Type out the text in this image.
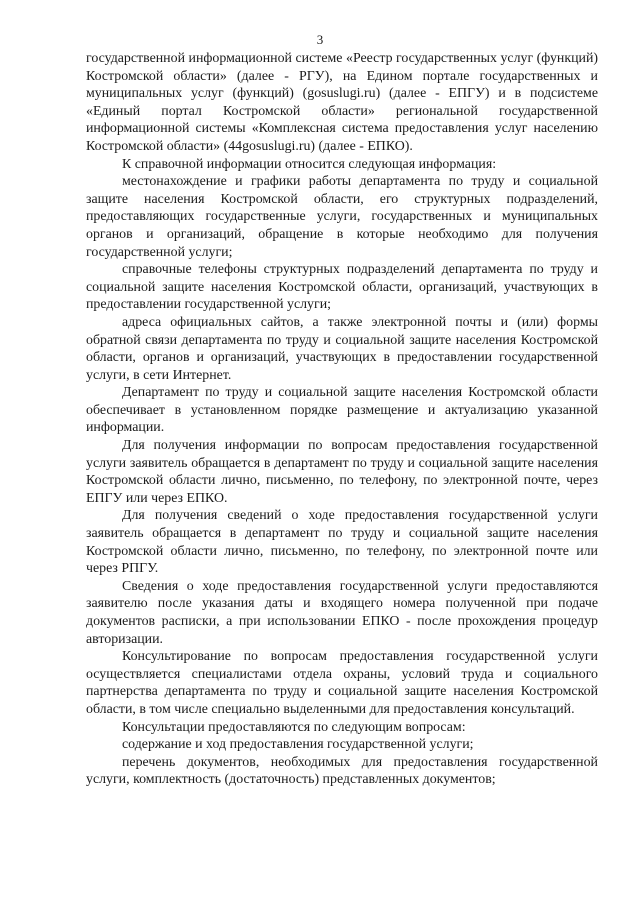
3

государственной информационной системе «Реестр государственных услуг (функций) Костромской области» (далее - РГУ), на Едином портале государственных и муниципальных услуг (функций) (gosuslugi.ru) (далее - ЕПГУ) и в подсистеме «Единый портал Костромской области» региональной государственной информационной системы «Комплексная система предоставления услуг населению Костромской области» (44gosuslugi.ru) (далее - ЕПКО).

К справочной информации относится следующая информация:

местонахождение и графики работы департамента по труду и социальной защите населения Костромской области, его структурных подразделений, предоставляющих государственные услуги, государственных и муниципальных органов и организаций, обращение в которые необходимо для получения государственной услуги;

справочные телефоны структурных подразделений департамента по труду и социальной защите населения Костромской области, организаций, участвующих в предоставлении государственной услуги;

адреса официальных сайтов, а также электронной почты и (или) формы обратной связи департамента по труду и социальной защите населения Костромской области, органов и организаций, участвующих в предоставлении государственной услуги, в сети Интернет.

Департамент по труду и социальной защите населения Костромской области обеспечивает в установленном порядке размещение и актуализацию указанной информации.

Для получения информации по вопросам предоставления государственной услуги заявитель обращается в департамент по труду и социальной защите населения Костромской области лично, письменно, по телефону, по электронной почте, через ЕПГУ или через ЕПКО.

Для получения сведений о ходе предоставления государственной услуги заявитель обращается в департамент по труду и социальной защите населения Костромской области лично, письменно, по телефону, по электронной почте или через РПГУ.

Сведения о ходе предоставления государственной услуги предоставляются заявителю после указания даты и входящего номера полученной при подаче документов расписки, а при использовании ЕПКО - после прохождения процедур авторизации.

Консультирование по вопросам предоставления государственной услуги осуществляется специалистами отдела охраны, условий труда и социального партнерства департамента по труду и социальной защите населения Костромской области, в том числе специально выделенными для предоставления консультаций.

Консультации предоставляются по следующим вопросам:

содержание и ход предоставления государственной услуги;

перечень документов, необходимых для предоставления государственной услуги, комплектность (достаточность) представленных документов;
